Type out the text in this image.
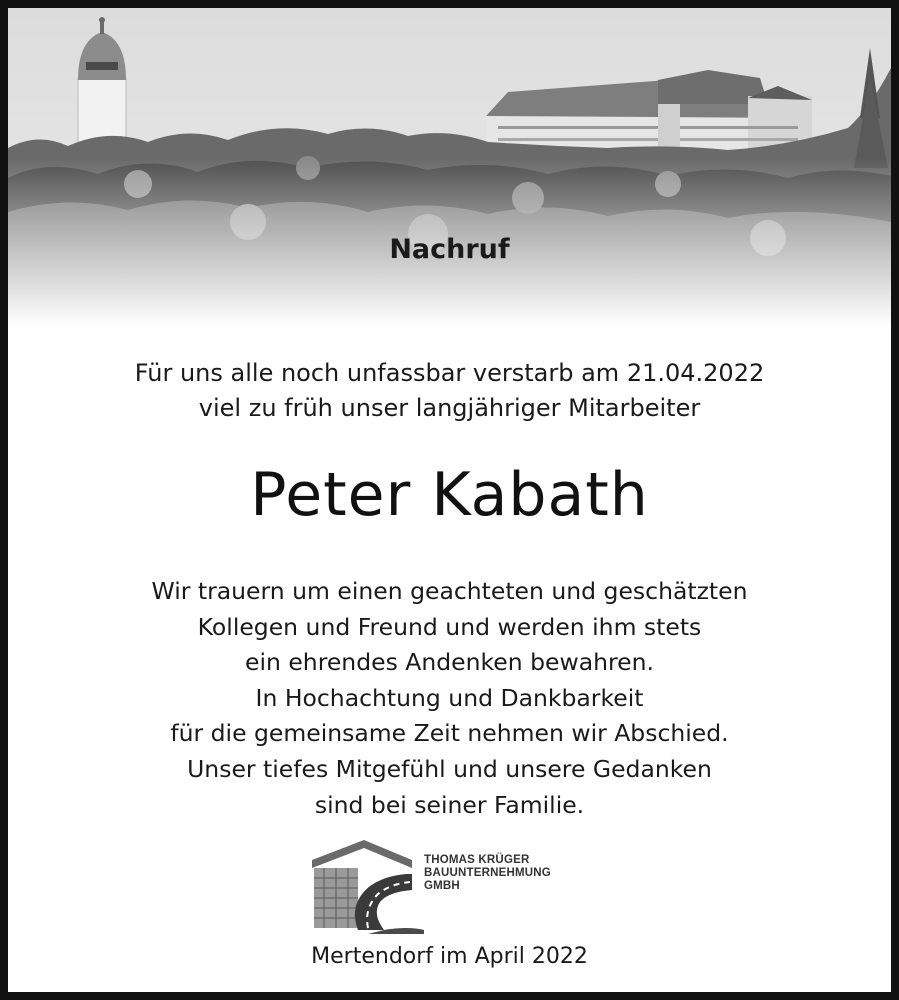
Nachruf
Für uns alle noch unfassbar verstarb am 21.04.2022
viel zu früh unser langjähriger Mitarbeiter
Peter Kabath
Wir trauern um einen geachteten und geschätzten
Kollegen und Freund und werden ihm stets
ein ehrendes Andenken bewahren.
In Hochachtung und Dankbarkeit
für die gemeinsame Zeit nehmen wir Abschied.
Unser tiefes Mitgefühl und unsere Gedanken
sind bei seiner Familie.
THOMAS KRÜGER
BAUUNTERNEHMUNG
GMBH
Mertendorf im April 2022
